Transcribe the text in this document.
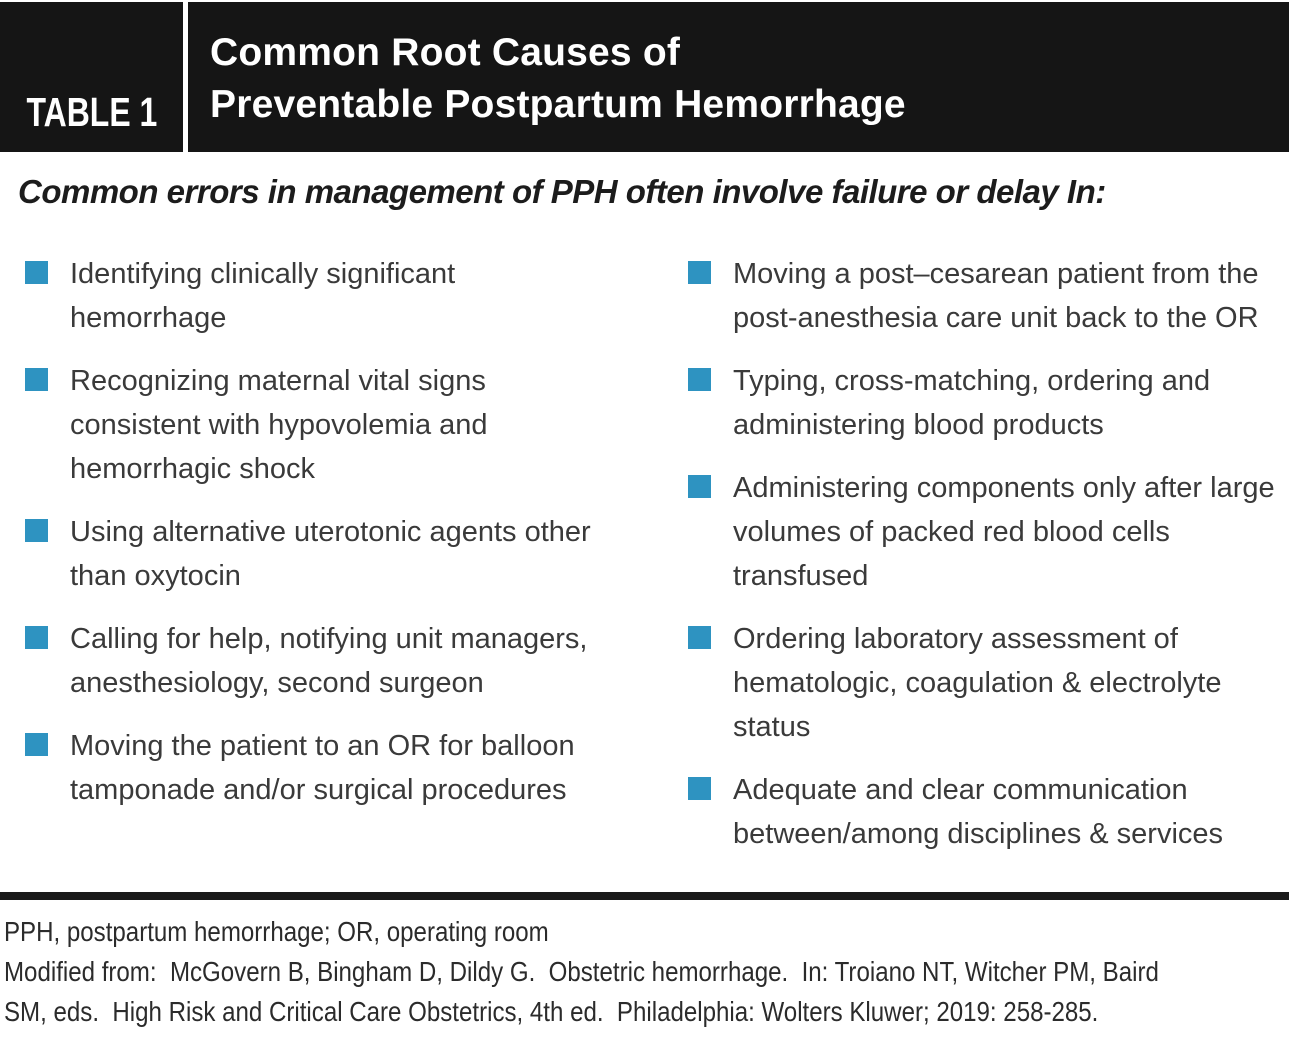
TABLE 1
Common Root Causes of
Preventable Postpartum Hemorrhage
Common errors in management of PPH often involve failure or delay In:
Identifying clinically significant hemorrhage
Recognizing maternal vital signs consistent with hypovolemia and hemorrhagic shock
Using alternative uterotonic agents other than oxytocin
Calling for help, notifying unit managers, anesthesiology, second surgeon
Moving the patient to an OR for balloon tamponade and/or surgical procedures
Moving a post–cesarean patient from the post-anesthesia care unit back to the OR
Typing, cross-matching, ordering and administering blood products
Administering components only after large volumes of packed red blood cells transfused
Ordering laboratory assessment of hematologic, coagulation & electrolyte status
Adequate and clear communication between/among disciplines & services
PPH, postpartum hemorrhage; OR, operating room
Modified from:  McGovern B, Bingham D, Dildy G.  Obstetric hemorrhage.  In: Troiano NT, Witcher PM, Baird
SM, eds.  High Risk and Critical Care Obstetrics, 4th ed.  Philadelphia: Wolters Kluwer; 2019: 258-285.
